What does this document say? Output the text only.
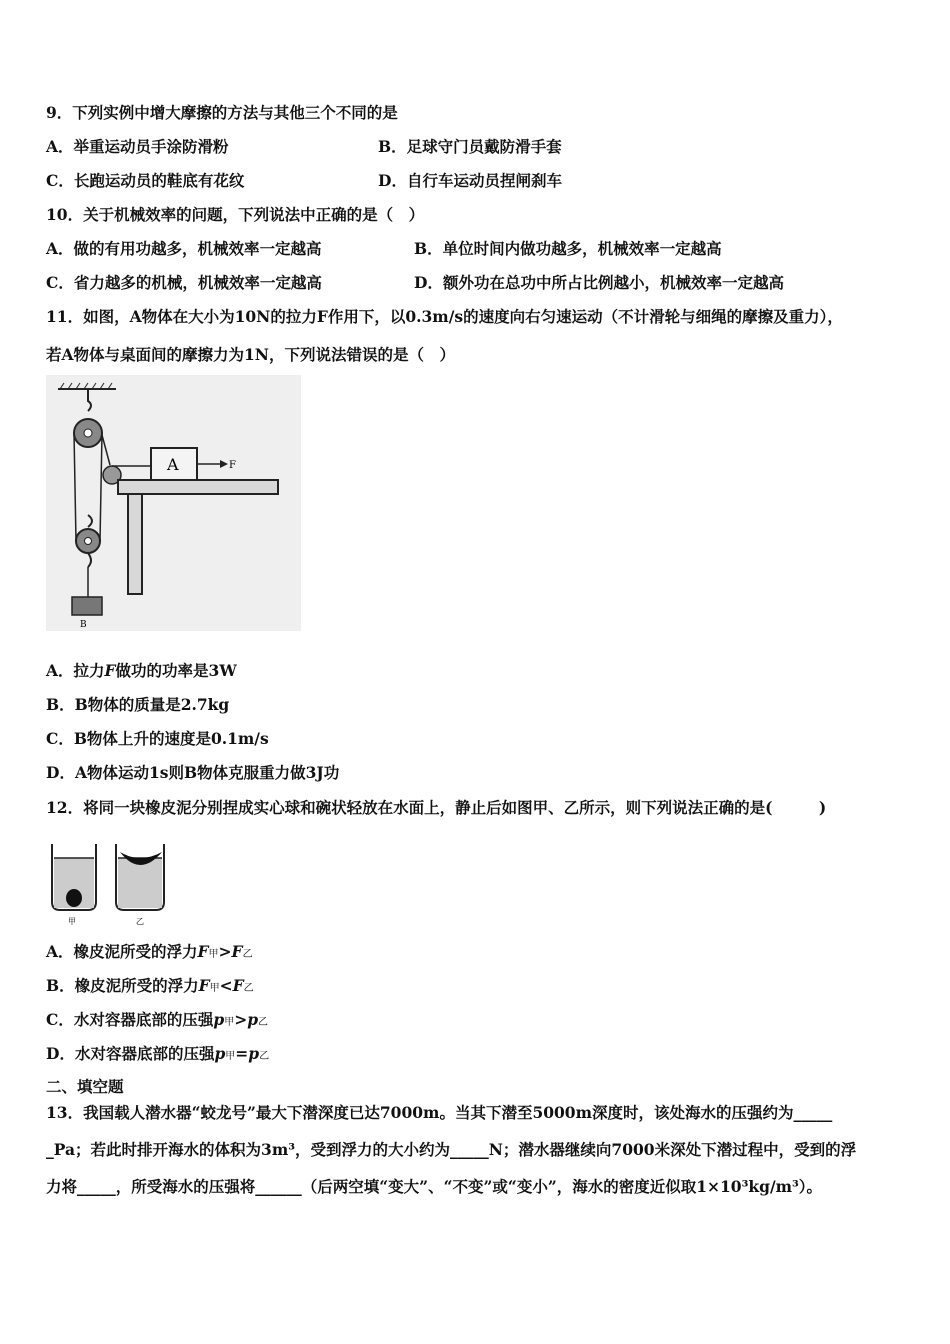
9．下列实例中增大摩擦的方法与其他三个不同的是
A．举重运动员手涂防滑粉	B．足球守门员戴防滑手套
C．长跑运动员的鞋底有花纹	D．自行车运动员捏闸刹车
10．关于机械效率的问题，下列说法中正确的是（　）
A．做的有用功越多，机械效率一定越高	B．单位时间内做功越多，机械效率一定越高
C．省力越多的机械，机械效率一定越高	D．额外功在总功中所占比例越小，机械效率一定越高
11．如图，A物体在大小为10N的拉力F作用下，以0.3m/s的速度向右匀速运动（不计滑轮与细绳的摩擦及重力），
若A物体与桌面间的摩擦力为1N，下列说法错误的是（　）
A	F
B
A．拉力F做功的功率是3W
B．B物体的质量是2.7kg
C．B物体上升的速度是0.1m/s
D．A物体运动1s则B物体克服重力做3J功
12．将同一块橡皮泥分别捏成实心球和碗状轻放在水面上，静止后如图甲、乙所示，则下列说法正确的是(　　　)
甲	乙
A．橡皮泥所受的浮力F甲>F乙
B．橡皮泥所受的浮力F甲<F乙
C．水对容器底部的压强p甲>p乙
D．水对容器底部的压强p甲=p乙
二、填空题
13．我国载人潜水器“蛟龙号”最大下潜深度已达7000m。当其下潜至5000m深度时，该处海水的压强约为_____
_Pa；若此时排开海水的体积为3m³，受到浮力的大小约为_____N；潜水器继续向7000米深处下潜过程中，受到的浮
力将_____，所受海水的压强将______（后两空填“变大”、“不变”或“变小”，海水的密度近似取1×10³kg/m³）。
